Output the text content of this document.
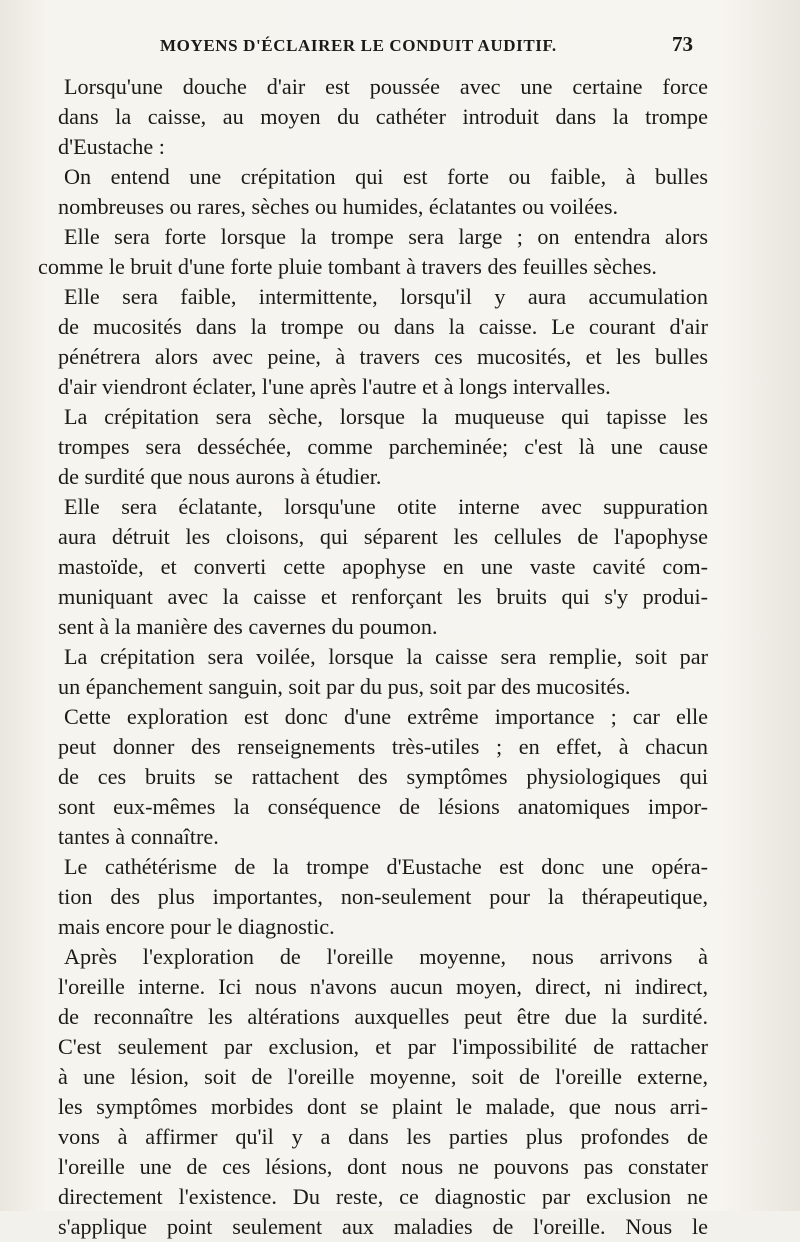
MOYENS D'ÉCLAIRER LE CONDUIT AUDITIF.	73
Lorsqu'une douche d'air est poussée avec une certaine force
dans la caisse, au moyen du cathéter introduit dans la trompe
d'Eustache :
On entend une crépitation qui est forte ou faible, à bulles
nombreuses ou rares, sèches ou humides, éclatantes ou voilées.
Elle sera forte lorsque la trompe sera large ; on entendra alors
comme le bruit d'une forte pluie tombant à travers des feuilles sèches.
Elle sera faible, intermittente, lorsqu'il y aura accumulation
de mucosités dans la trompe ou dans la caisse. Le courant d'air
pénétrera alors avec peine, à travers ces mucosités, et les bulles
d'air viendront éclater, l'une après l'autre et à longs intervalles.
La crépitation sera sèche, lorsque la muqueuse qui tapisse les
trompes sera desséchée, comme parcheminée; c'est là une cause
de surdité que nous aurons à étudier.
Elle sera éclatante, lorsqu'une otite interne avec suppuration
aura détruit les cloisons, qui séparent les cellules de l'apophyse
mastoïde, et converti cette apophyse en une vaste cavité com-
muniquant avec la caisse et renforçant les bruits qui s'y produi-
sent à la manière des cavernes du poumon.
La crépitation sera voilée, lorsque la caisse sera remplie, soit par
un épanchement sanguin, soit par du pus, soit par des mucosités.
Cette exploration est donc d'une extrême importance ; car elle
peut donner des renseignements très-utiles ; en effet, à chacun
de ces bruits se rattachent des symptômes physiologiques qui
sont eux-mêmes la conséquence de lésions anatomiques impor-
tantes à connaître.
Le cathétérisme de la trompe d'Eustache est donc une opéra-
tion des plus importantes, non-seulement pour la thérapeutique,
mais encore pour le diagnostic.
Après l'exploration de l'oreille moyenne, nous arrivons à
l'oreille interne. Ici nous n'avons aucun moyen, direct, ni indirect,
de reconnaître les altérations auxquelles peut être due la surdité.
C'est seulement par exclusion, et par l'impossibilité de rattacher
à une lésion, soit de l'oreille moyenne, soit de l'oreille externe,
les symptômes morbides dont se plaint le malade, que nous arri-
vons à affirmer qu'il y a dans les parties plus profondes de
l'oreille une de ces lésions, dont nous ne pouvons pas constater
directement l'existence. Du reste, ce diagnostic par exclusion ne
s'applique point seulement aux maladies de l'oreille. Nous le
